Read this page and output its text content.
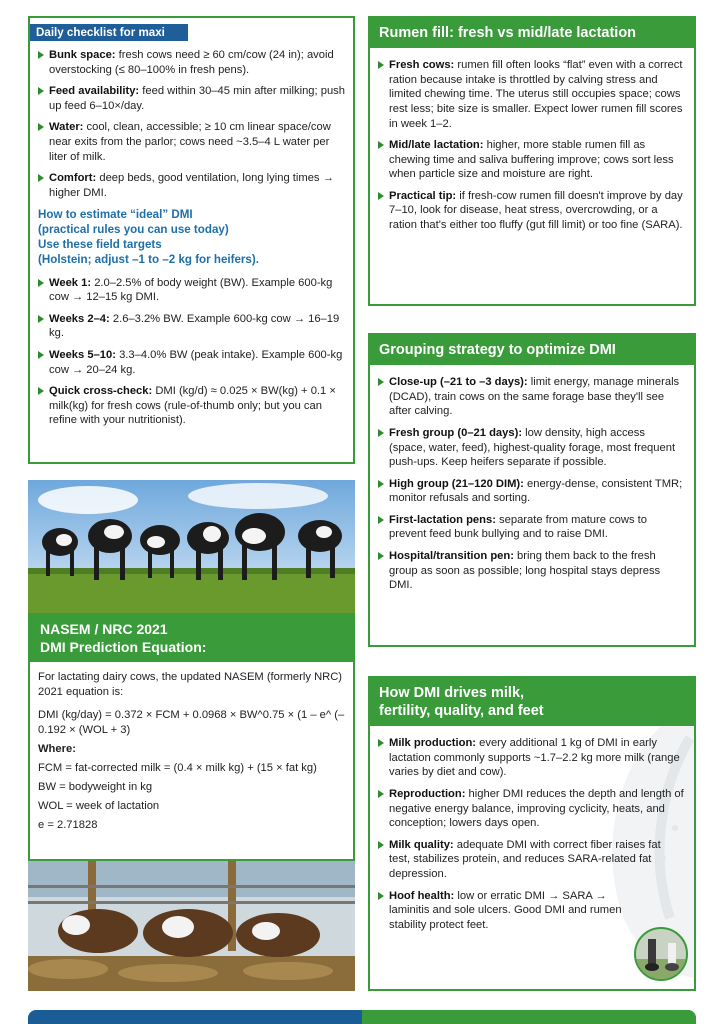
Daily checklist for maxi
Bunk space: fresh cows need ≥ 60 cm/cow (24 in); avoid overstocking (≤ 80–100% in fresh pens).
Feed availability: feed within 30–45 min after milking; push up feed 6–10×/day.
Water: cool, clean, accessible; ≥ 10 cm linear space/cow near exits from the parlor; cows need ~3.5–4 L water per liter of milk.
Comfort: deep beds, good ventilation, long lying times → higher DMI.
How to estimate “ideal” DMI
(practical rules you can use today)
Use these field targets
(Holstein; adjust –1 to –2 kg for heifers).
Week 1: 2.0–2.5% of body weight (BW). Example 600-kg cow → 12–15 kg DMI.
Weeks 2–4: 2.6–3.2% BW. Example 600-kg cow → 16–19 kg.
Weeks 5–10: 3.3–4.0% BW (peak intake). Example 600-kg cow → 20–24 kg.
Quick cross-check: DMI (kg/d) ≈ 0.025 × BW(kg) + 0.1 × milk(kg) for fresh cows (rule-of-thumb only; but you can refine with your nutritionist).
NASEM / NRC 2021
DMI Prediction Equation:

For lactating dairy cows, the updated NASEM (formerly NRC) 2021 equation is:

DMI (kg/day) = 0.372 × FCM + 0.0968 × BW^0.75 × (1 – e^ (–0.192 × (WOL + 3)

Where:

FCM = fat-corrected milk = (0.4 × milk kg) + (15 × fat kg)

BW = bodyweight in kg

WOL = week of lactation

e = 2.71828

Rumen fill: fresh vs mid/late lactation
Fresh cows: rumen fill often looks “flat” even with a correct ration because intake is throttled by calving stress and limited chewing time. The uterus still occupies space; cows rest less; bite size is smaller. Expect lower rumen fill scores in week 1–2.
Mid/late lactation: higher, more stable rumen fill as chewing time and saliva buffering improve; cows sort less when particle size and moisture are right.
Practical tip: if fresh-cow rumen fill doesn't improve by day 7–10, look for disease, heat stress, overcrowding, or a ration that's either too fluffy (gut fill limit) or too fine (SARA).
Grouping strategy to optimize DMI
Close-up (–21 to –3 days): limit energy, manage minerals (DCAD), train cows on the same forage base they'll see after calving.
Fresh group (0–21 days): low density, high access (space, water, feed), highest-quality forage, most frequent push-ups. Keep heifers separate if possible.
High group (21–120 DIM): energy-dense, consistent TMR; monitor refusals and sorting.
First-lactation pens: separate from mature cows to prevent feed bunk bullying and to raise DMI.
Hospital/transition pen: bring them back to the fresh group as soon as possible; long hospital stays depress DMI.
How DMI drives milk,
fertility, quality, and feet
Milk production: every additional 1 kg of DMI in early lactation commonly supports ~1.7–2.2 kg more milk (range varies by diet and cow).
Reproduction: higher DMI reduces the depth and length of negative energy balance, improving cyclicity, heats, and conception; lowers days open.
Milk quality: adequate DMI with correct fiber raises fat test, stabilizes protein, and reduces SARA-related fat depression.
Hoof health: low or erratic DMI → SARA → laminitis and sole ulcers. Good DMI and rumen stability protect feet.
